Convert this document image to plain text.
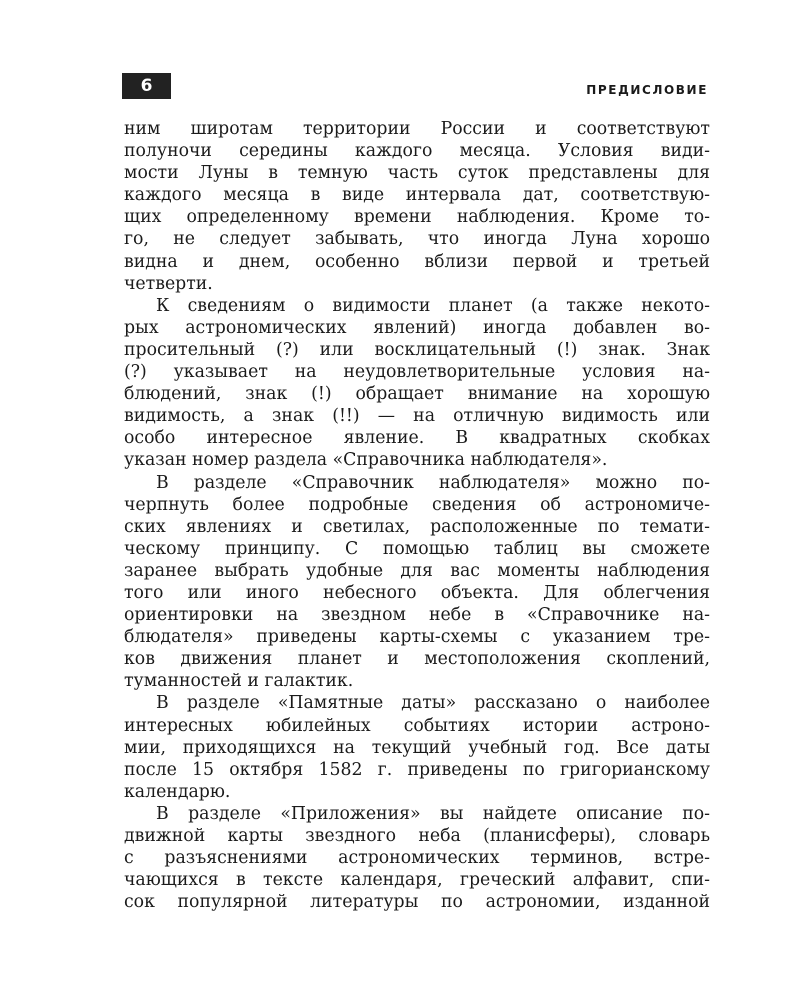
6	ПРЕДИСЛОВИЕ

ним широтам территории России и соответствуют
полуночи середины каждого месяца. Условия види-
мости Луны в темную часть суток представлены для
каждого месяца в виде интервала дат, соответствую-
щих определенному времени наблюдения. Кроме то-
го, не следует забывать, что иногда Луна хорошо
видна и днем, особенно вблизи первой и третьей
четверти.

К сведениям о видимости планет (а также некото-
рых астрономических явлений) иногда добавлен во-
просительный (?) или восклицательный (!) знак. Знак
(?) указывает на неудовлетворительные условия на-
блюдений, знак (!) обращает внимание на хорошую
видимость, а знак (!!) — на отличную видимость или
особо интересное явление. В квадратных скобках
указан номер раздела «Справочника наблюдателя».

В разделе «Справочник наблюдателя» можно по-
черпнуть более подробные сведения об астрономиче-
ских явлениях и светилах, расположенные по темати-
ческому принципу. С помощью таблиц вы сможете
заранее выбрать удобные для вас моменты наблюдения
того или иного небесного объекта. Для облегчения
ориентировки на звездном небе в «Справочнике на-
блюдателя» приведены карты-схемы с указанием тре-
ков движения планет и местоположения скоплений,
туманностей и галактик.

В разделе «Памятные даты» рассказано о наиболее
интересных юбилейных событиях истории астроно-
мии, приходящихся на текущий учебный год. Все даты
после 15 октября 1582 г. приведены по григорианскому
календарю.

В разделе «Приложения» вы найдете описание по-
движной карты звездного неба (планисферы), словарь
с разъяснениями астрономических терминов, встре-
чающихся в тексте календаря, греческий алфавит, спи-
сок популярной литературы по астрономии, изданной
